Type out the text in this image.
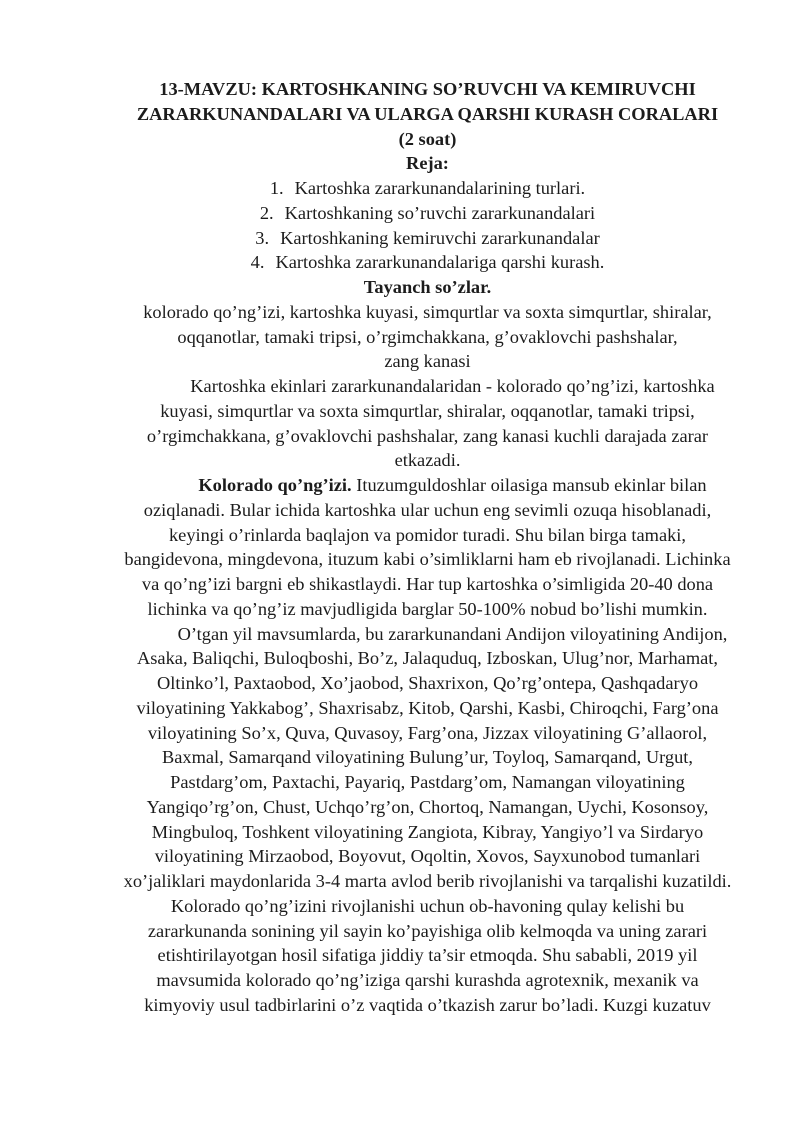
13-MAVZU: KARTOSHKANING SO’RUVCHI VA KEMIRUVCHI
ZARARKUNANDALARI VA ULARGA QARSHI KURASH CORALARI
(2 soat)
Reja:
1. Kartoshka zararkunandalarining turlari.
2. Kartoshkaning so’ruvchi zararkunandalari
3. Kartoshkaning kemiruvchi zararkunandalar
4. Kartoshka zararkunandalariga qarshi kurash.
Tayanch so’zlar.
kolorado qo’ng’izi, kartoshka kuyasi, simqurtlar va soxta simqurtlar, shiralar,
oqqanotlar, tamaki tripsi, o’rgimchakkana, g’ovaklovchi pashshalar,
zang kanasi
Kartoshka ekinlari zararkunandalaridan - kolorado qo’ng’izi, kartoshka
kuyasi, simqurtlar va soxta simqurtlar, shiralar, oqqanotlar, tamaki tripsi,
o’rgimchakkana, g’ovaklovchi pashshalar, zang kanasi kuchli darajada zarar
etkazadi.
Kolorado qo’ng’izi. Ituzumguldoshlar oilasiga mansub ekinlar bilan
oziqlanadi. Bular ichida kartoshka ular uchun eng sevimli ozuqa hisoblanadi,
keyingi o’rinlarda baqlajon va pomidor turadi. Shu bilan birga tamaki,
bangidevona, mingdevona, ituzum kabi o’simliklarni ham eb rivojlanadi. Lichinka
va qo’ng’izi bargni eb shikastlaydi. Har tup kartoshka o’simligida 20-40 dona
lichinka va qo’ng’iz mavjudligida barglar 50-100% nobud bo’lishi mumkin.
O’tgan yil mavsumlarda, bu zararkunandani Andijon viloyatining Andijon,
Asaka, Baliqchi, Buloqboshi, Bo’z, Jalaquduq, Izboskan, Ulug’nor, Marhamat,
Oltinko’l, Paxtaobod, Xo’jaobod, Shaxrixon, Qo’rg’ontepa, Qashqadaryo
viloyatining Yakkabog’, Shaxrisabz, Kitob, Qarshi, Kasbi, Chiroqchi, Farg’ona
viloyatining So’x, Quva, Quvasoy, Farg’ona, Jizzax viloyatining G’allaorol,
Baxmal, Samarqand viloyatining Bulung’ur, Toyloq, Samarqand, Urgut,
Pastdarg’om, Paxtachi, Payariq, Pastdarg’om, Namangan viloyatining
Yangiqo’rg’on, Chust, Uchqo’rg’on, Chortoq, Namangan, Uychi, Kosonsoy,
Mingbuloq, Toshkent viloyatining Zangiota, Kibray, Yangiyo’l va Sirdaryo
viloyatining Mirzaobod, Boyovut, Oqoltin, Xovos, Sayxunobod tumanlari
xo’jaliklari maydonlarida 3-4 marta avlod berib rivojlanishi va tarqalishi kuzatildi.
Kolorado qo’ng’izini rivojlanishi uchun ob-havoning qulay kelishi bu
zararkunanda sonining yil sayin ko’payishiga olib kelmoqda va uning zarari
etishtirilayotgan hosil sifatiga jiddiy ta’sir etmoqda. Shu sababli, 2019 yil
mavsumida kolorado qo’ng’iziga qarshi kurashda agrotexnik, mexanik va
kimyoviy usul tadbirlarini o’z vaqtida o’tkazish zarur bo’ladi. Kuzgi kuzatuv
